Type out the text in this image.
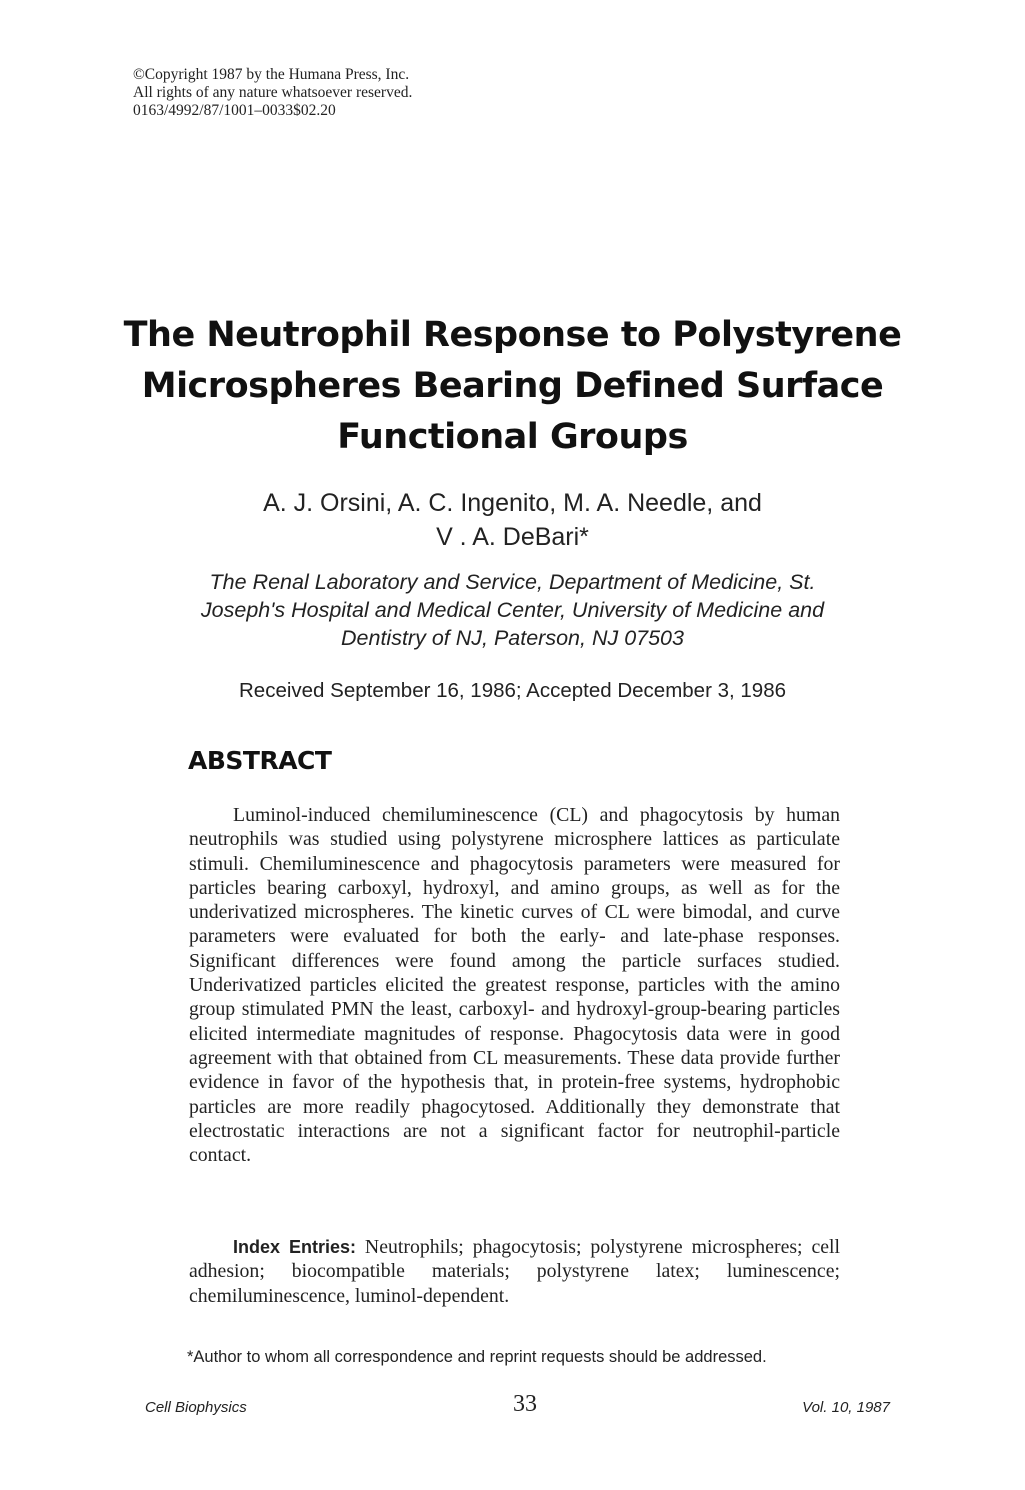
©Copyright 1987 by the Humana Press, Inc.
All rights of any nature whatsoever reserved.
0163/4992/87/1001–0033$02.20
The Neutrophil Response to Polystyrene
Microspheres Bearing Defined Surface
Functional Groups
A. J. Orsini, A. C. Ingenito, M. A. Needle, and
V . A. DeBari*
The Renal Laboratory and Service, Department of Medicine, St.
Joseph's Hospital and Medical Center, University of Medicine and
Dentistry of NJ, Paterson, NJ 07503
Received September 16, 1986; Accepted December 3, 1986
ABSTRACT
Luminol-induced chemiluminescence (CL) and phagocytosis by human neutrophils was studied using polystyrene microsphere lattices as particulate stimuli. Chemiluminescence and phagocytosis parameters were measured for particles bearing carboxyl, hydroxyl, and amino groups, as well as for the underivatized microspheres. The kinetic curves of CL were bimodal, and curve parameters were evaluated for both the early- and late-phase responses. Significant differences were found among the particle surfaces studied. Underivatized particles elicited the greatest response, particles with the amino group stimulated PMN the least, carboxyl- and hydroxyl-group-bearing particles elicited intermediate magnitudes of response. Phagocytosis data were in good agreement with that obtained from CL measurements. These data provide further evidence in favor of the hypothesis that, in protein-free systems, hydrophobic particles are more readily phagocytosed. Additionally they demonstrate that electrostatic interactions are not a significant factor for neutrophil-particle contact.
Index Entries: Neutrophils; phagocytosis; polystyrene microspheres; cell adhesion; biocompatible materials; polystyrene latex; luminescence; chemiluminescence, luminol-dependent.
*Author to whom all correspondence and reprint requests should be addressed.
Cell Biophysics	33	Vol. 10, 1987
